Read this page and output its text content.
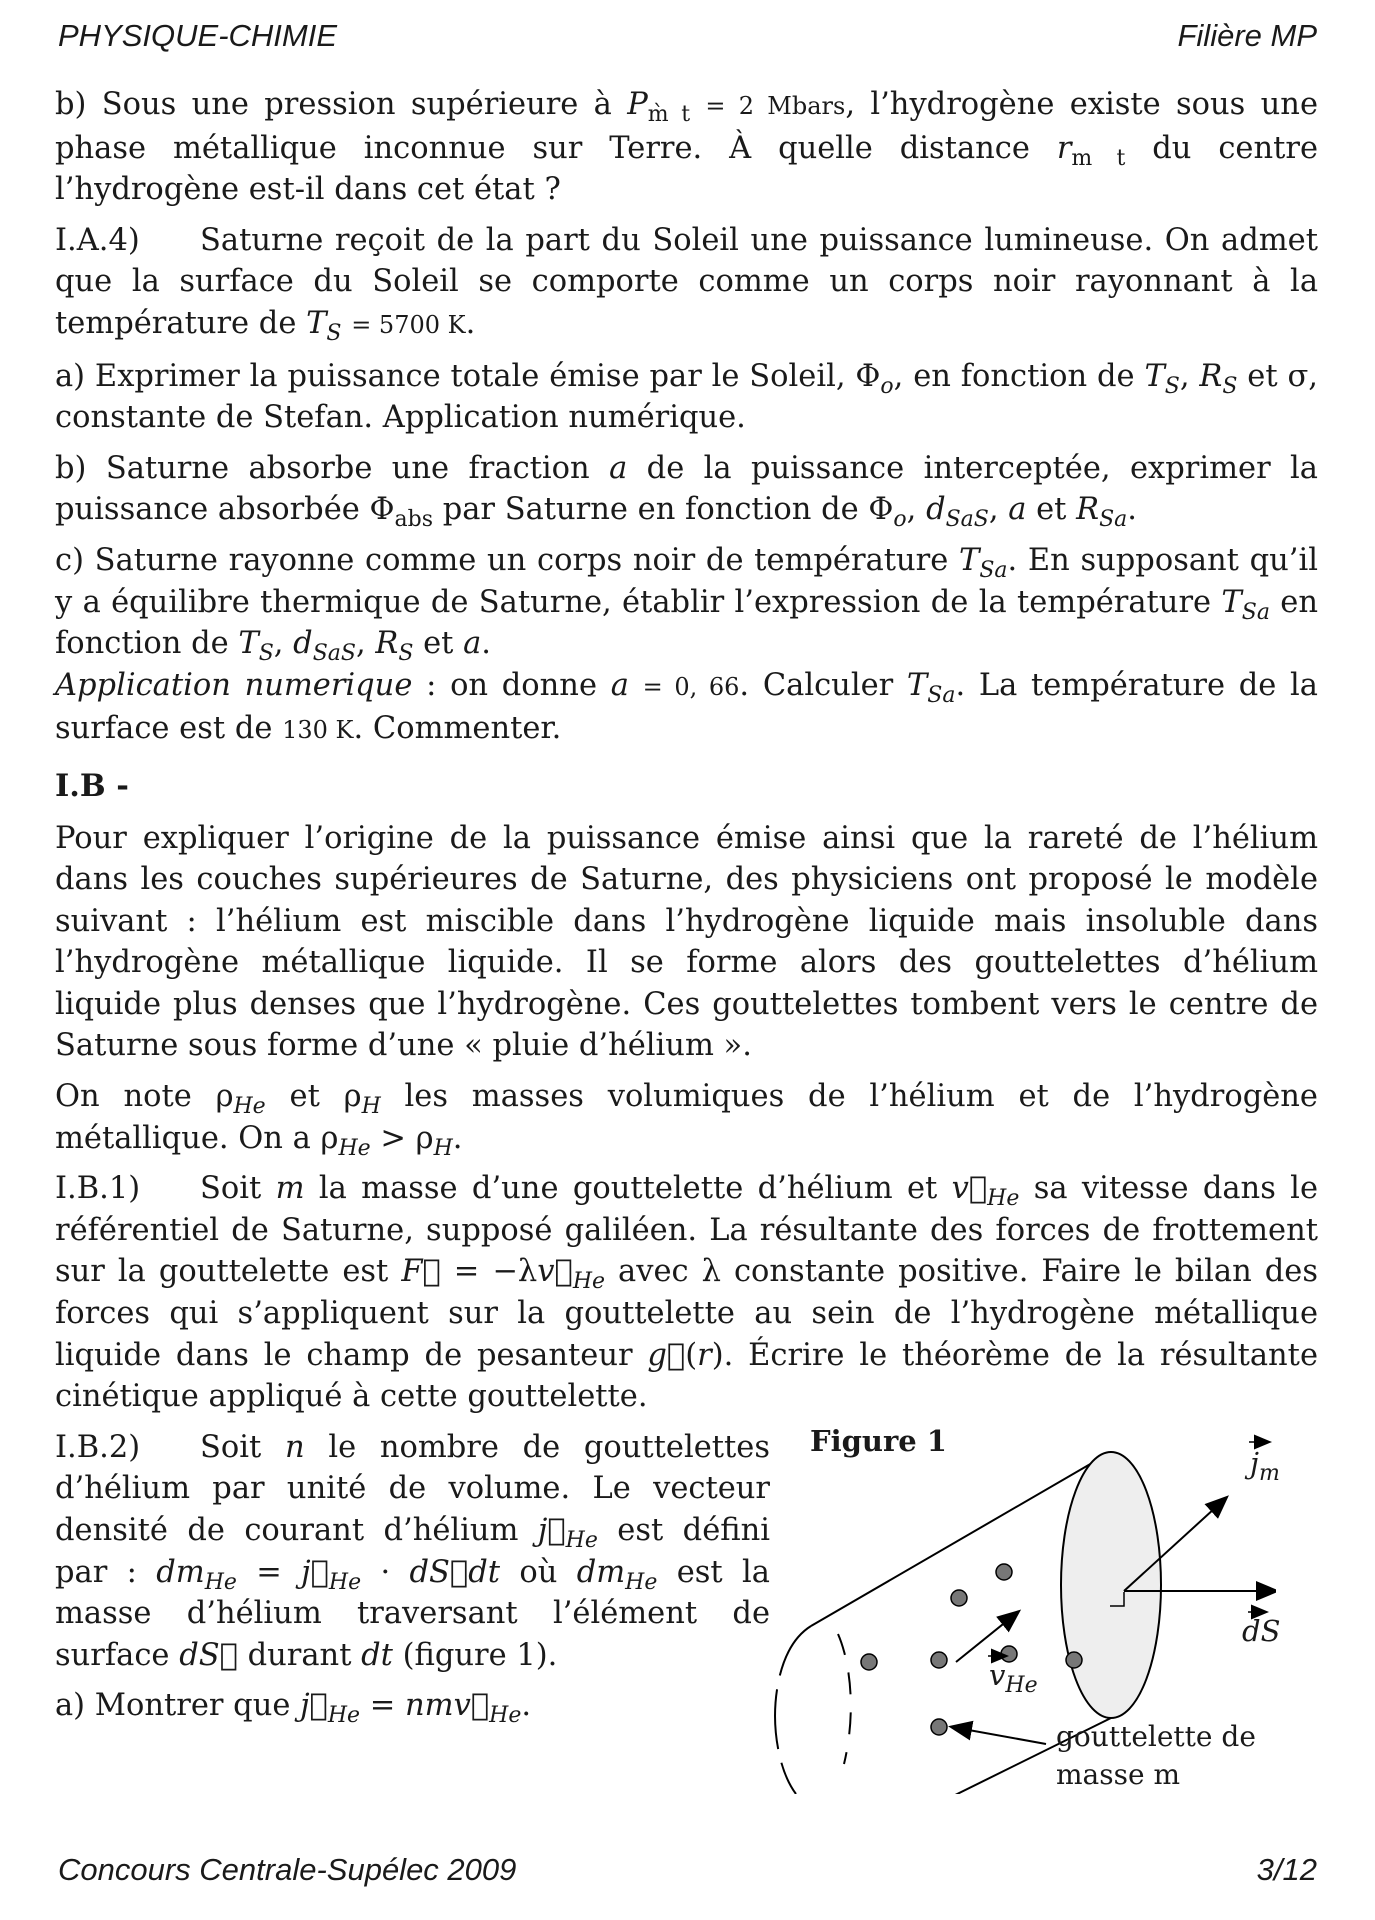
PHYSIQUE-CHIMIE	Filière MP

b) Sous une pression supérieure à $P_{m̀ t} = 2$ Mbars, l’hydrogène existe sous une phase métallique inconnue sur Terre. À quelle distance $r_{m t}$ du centre l’hydrogène est-il dans cet état ?

I.A.4) Saturne reçoit de la part du Soleil une puissance lumineuse. On admet que la surface du Soleil se comporte comme un corps noir rayonnant à la température de $T_S = 5700$ K.

a) Exprimer la puissance totale émise par le Soleil, $\Phi_o$, en fonction de $T_S$, $R_S$ et σ, constante de Stefan. Application numérique.

b) Saturne absorbe une fraction a de la puissance interceptée, exprimer la puissance absorbée $\Phi_{abs}$ par Saturne en fonction de $\Phi_o$, $d_{SaS}$, a et $R_{Sa}$.

c) Saturne rayonne comme un corps noir de température $T_{Sa}$. En supposant qu’il y a équilibre thermique de Saturne, établir l’expression de la température $T_{Sa}$ en fonction de $T_S$, $d_{SaS}$, $R_S$ et a.
Application numerique : on donne a = 0, 66. Calculer $T_{Sa}$. La température de la surface est de 130 K. Commenter.

I.B -

Pour expliquer l’origine de la puissance émise ainsi que la rareté de l’hélium dans les couches supérieures de Saturne, des physiciens ont proposé le modèle suivant : l’hélium est miscible dans l’hydrogène liquide mais insoluble dans l’hydrogène métallique liquide. Il se forme alors des gouttelettes d’hélium liquide plus denses que l’hydrogène. Ces gouttelettes tombent vers le centre de Saturne sous forme d’une « pluie d’hélium ».

On note $\rho_{He}$ et $\rho_H$ les masses volumiques de l’hélium et de l’hydrogène métallique. On a $\rho_{He} > \rho_H$.

I.B.1) Soit m la masse d’une gouttelette d’hélium et $v⃗_{He}$ sa vitesse dans le référentiel de Saturne, supposé galiléen. La résultante des forces de frottement sur la gouttelette est F⃗ = $-\lambda v⃗_{He}$ avec λ constante positive. Faire le bilan des forces qui s’appliquent sur la gouttelette au sein de l’hydrogène métallique liquide dans le champ de pesanteur g⃗(r). Écrire le théorème de la résultante cinétique appliqué à cette gouttelette.

I.B.2) Soit n le nombre de gouttelettes d’hélium par unité de volume. Le vecteur densité de courant d’hélium $j⃗_{He}$ est défini par : $dm_{He}$ = $j⃗_{He}$ · dS⃗dt où $dm_{He}$ est la masse d’hélium traversant l’élément de surface dS⃗ durant dt (figure 1).

a) Montrer que $j⃗_{He}$ = $nmv⃗_{He}$.

Figure 1
$j_m$
dS
$v_{He}$
gouttelette de
masse m
Concours Centrale-Supélec 2009	3/12
